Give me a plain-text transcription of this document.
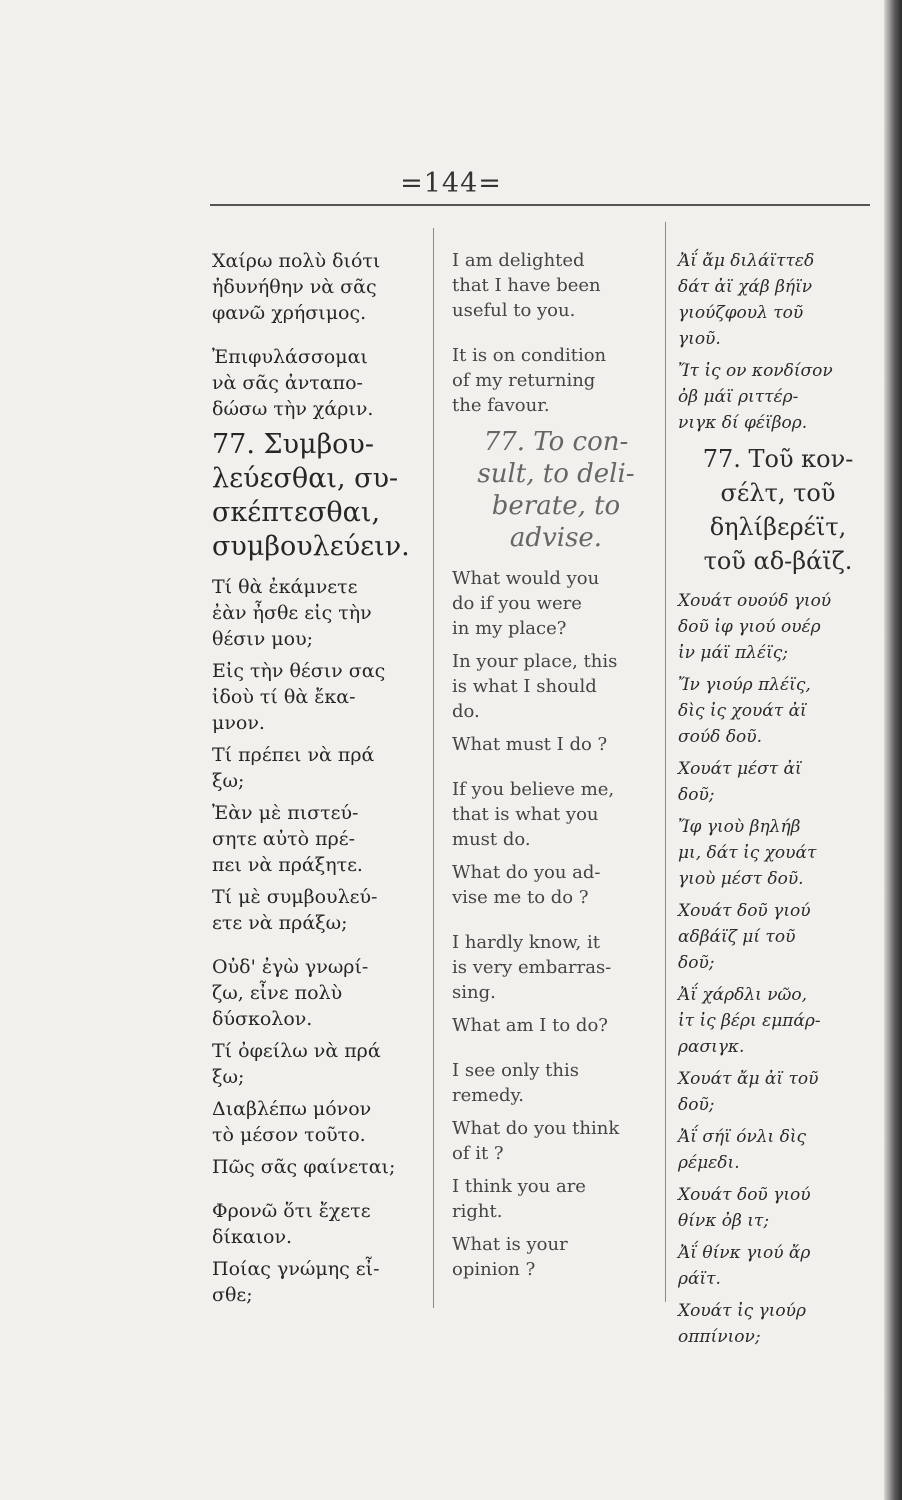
=144=
Χαίρω πολὺ διότι
ἠδυνήθην νὰ σᾶς
φανῶ χρήσιμος.
Ἐπιφυλάσσομαι
νὰ σᾶς ἀνταπο-
δώσω τὴν χάριν.
77. Συμβου-
λεύεσθαι, συ-
σκέπτεσθαι,
συμβουλεύειν.
Τί θὰ ἐκάμνετε
ἐὰν ἦσθε εἰς τὴν
θέσιν μου;
Εἰς τὴν θέσιν σας
ἰδοὺ τί θὰ ἔκα-
μνον.
Τί πρέπει νὰ πρά
ξω;
Ἐὰν μὲ πιστεύ-
σητε αὐτὸ πρέ-
πει νὰ πράξητε.
Τί μὲ συμβουλεύ-
ετε νὰ πράξω;
Οὐδ' ἐγὼ γνωρί-
ζω, εἶνε πολὺ
δύσκολον.
Τί ὀφείλω νὰ πρά
ξω;
Διαβλέπω μόνον
τὸ μέσον τοῦτο.
Πῶς σᾶς φαίνεται;
Φρονῶ ὅτι ἔχετε
δίκαιον.
Ποίας γνώμης εἶ-
σθε;
I am delighted
that I have been
useful to you.
It is on condition
of my returning
the favour.
77. To con-
sult, to deli-
berate, to
advise.
What would you
do if you were
in my place?
In your place, this
is what I should
do.
What must I do ?
If you believe me,
that is what you
must do.
What do you ad-
vise me to do ?
I hardly know, it
is very embarras-
sing.
What am I to do?
I see only this
remedy.
What do you think
of it ?
I think you are
right.
What is your
opinion ?
Ἀΐ ἄμ διλάϊττεδ
δάτ ἀϊ χάβ βήϊν
γιούζφουλ τοῦ
γιοῦ.
Ἴτ ἰς ον κονδίσον
ὀβ μάϊ ριττέρ-
νιγκ δί φέϊβορ.
77. Τοῦ κον-
σέλτ, τοῦ
δηλίβερέϊτ,
τοῦ αδ-βάϊζ.
Χουάτ ουούδ γιού
δοῦ ἰφ γιού ουέρ
ἰν μάϊ πλέϊς;
Ἴν γιούρ πλέϊς,
δὶς ἰς χουάτ ἀϊ
σούδ δοῦ.
Χουάτ μέστ ἀϊ
δοῦ;
Ἴφ γιοὺ βηλήβ
μι, δάτ ἰς χουάτ
γιοὺ μέστ δοῦ.
Χουάτ δοῦ γιού
αδβάϊζ μί τοῦ
δοῦ;
Ἀΐ χάρδλι νῶο,
ἰτ ἰς βέρι εμπάρ-
ρασιγκ.
Χουάτ ἄμ ἀϊ τοῦ
δοῦ;
Ἀΐ σήϊ όνλι δὶς
ρέμεδι.
Χουάτ δοῦ γιού
θίνκ ὀβ ιτ;
Ἀΐ θίνκ γιού ἄρ
ράϊτ.
Χουάτ ἰς γιούρ
οππίνιον;
